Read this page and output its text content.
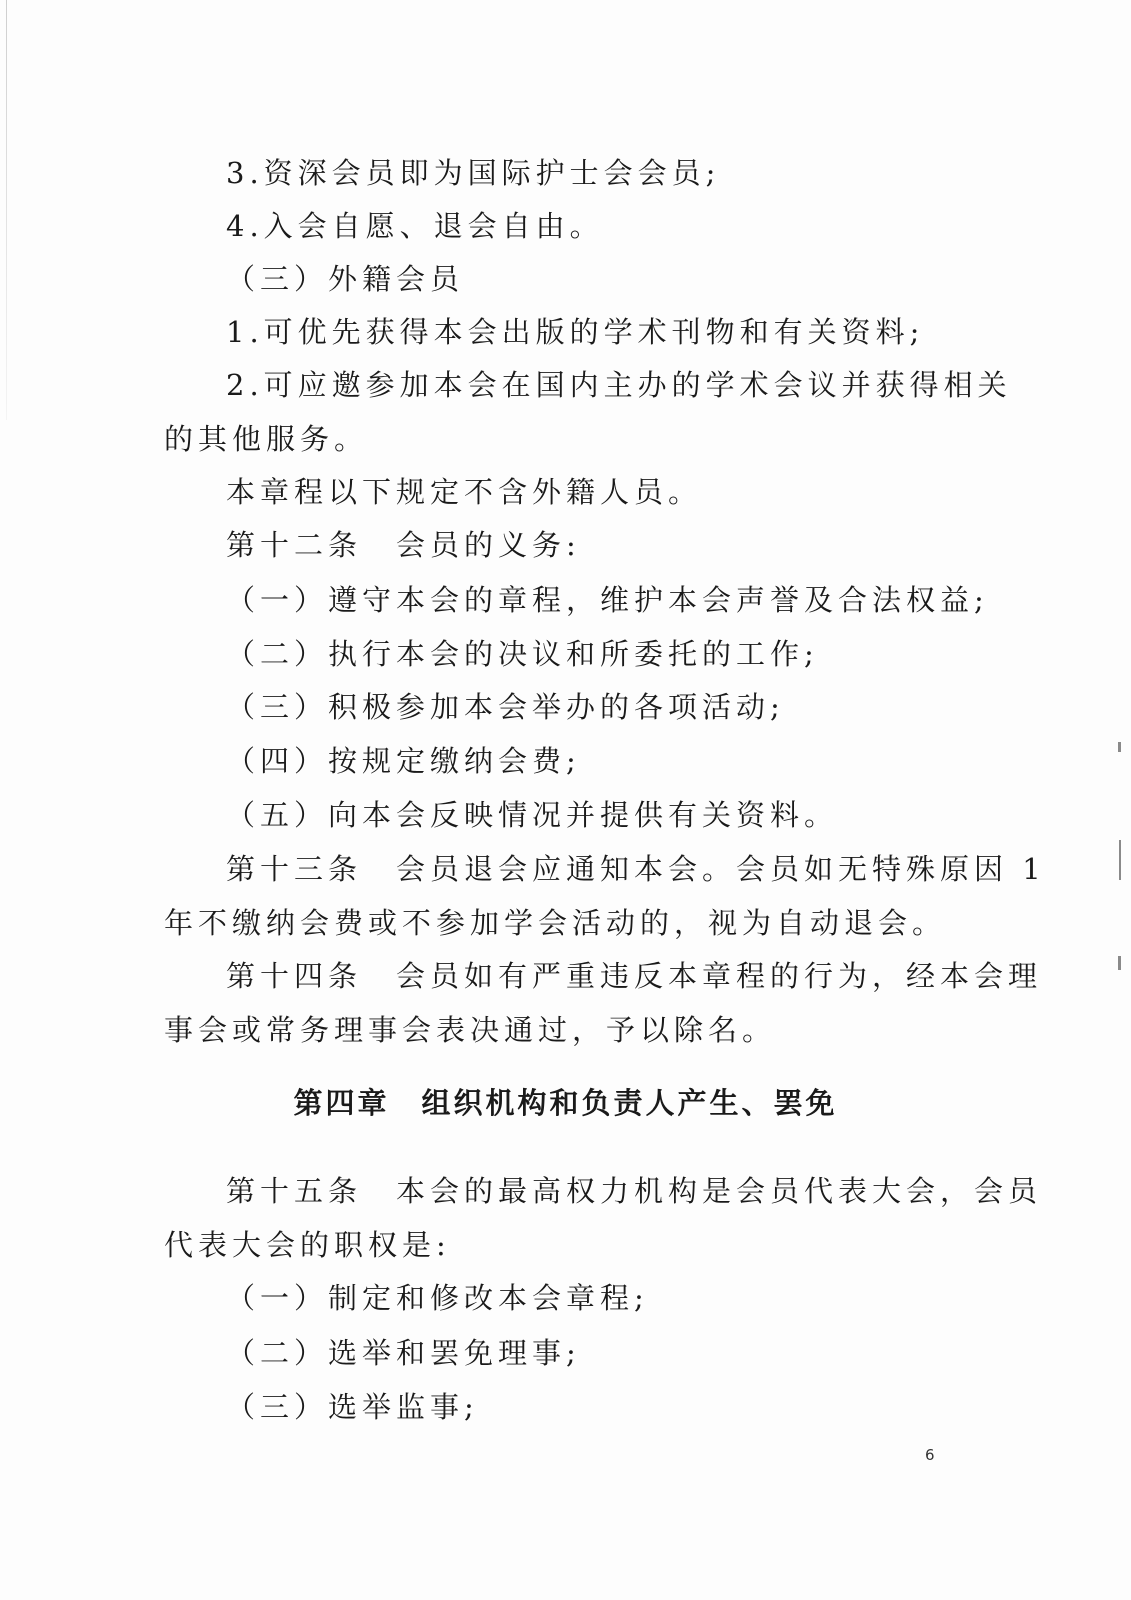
3.资深会员即为国际护士会会员;
4.入会自愿、退会自由。
（三）外籍会员
1.可优先获得本会出版的学术刊物和有关资料;
2.可应邀参加本会在国内主办的学术会议并获得相关
的其他服务。
本章程以下规定不含外籍人员。
第十二条　会员的义务:
（一）遵守本会的章程，维护本会声誉及合法权益;
（二）执行本会的决议和所委托的工作;
（三）积极参加本会举办的各项活动;
（四）按规定缴纳会费;
（五）向本会反映情况并提供有关资料。
第十三条　会员退会应通知本会。会员如无特殊原因 1
年不缴纳会费或不参加学会活动的，视为自动退会。
第十四条　会员如有严重违反本章程的行为，经本会理
事会或常务理事会表决通过，予以除名。
第四章　组织机构和负责人产生、罢免
第十五条　本会的最高权力机构是会员代表大会，会员
代表大会的职权是:
（一）制定和修改本会章程;
（二）选举和罢免理事;
（三）选举监事;
6
